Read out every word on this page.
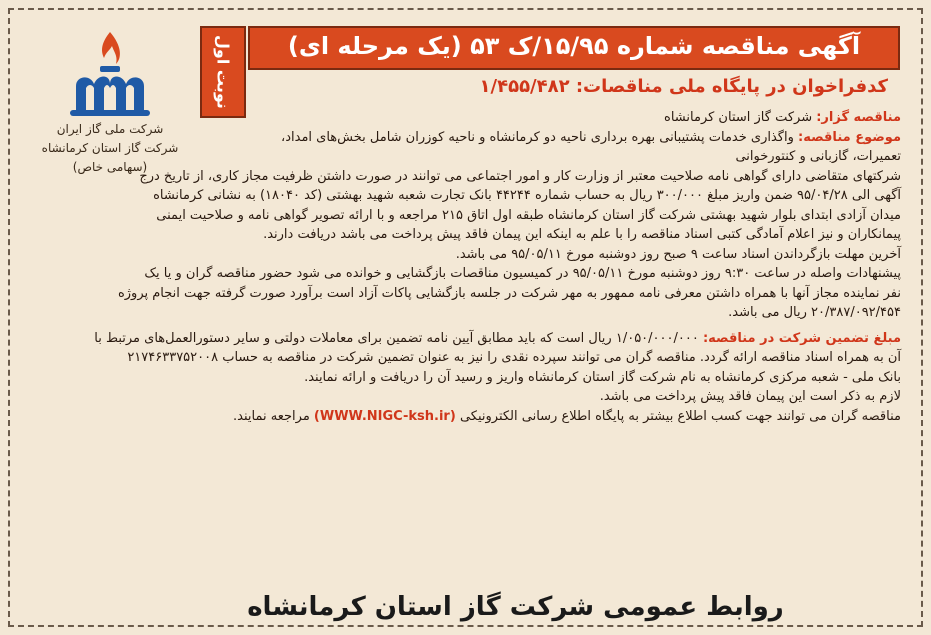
شرکت ملی گاز ایران
شرکت گاز استان کرمانشاه
(سهامی خاص)
آگهی مناقصه شماره ۱۵/۹۵/ک ۵۳ (یک مرحله ای)
نوبت اول	کدفراخوان در پایگاه ملی مناقصات: ۱/۴۵۵/۴۸۲

مناقصه گزار: شرکت گاز استان کرمانشاه

موضوع مناقصه: واگذاری خدمات پشتیبانی بهره برداری ناحیه دو کرمانشاه و ناحیه کوزران شامل بخش‌های امداد،

تعمیرات، گازبانی و کنتورخوانی

شرکتهای متقاضی دارای گواهی نامه صلاحیت معتبر از وزارت کار و امور اجتماعی می توانند در صورت داشتن ظرفیت مجاز کاری، از تاریخ درج

آگهی الی ۹۵/۰۴/۲۸ ضمن واریز مبلغ ۳۰۰/۰۰۰ ریال به حساب شماره ۴۴۲۴۴ بانک تجارت شعبه شهید بهشتی (کد ۱۸۰۴۰) به نشانی کرمانشاه

میدان آزادی ابتدای بلوار شهید بهشتی شرکت گاز استان کرمانشاه طبقه اول اتاق ۲۱۵ مراجعه و با ارائه تصویر گواهی نامه و صلاحیت ایمنی

پیمانکاران و نیز اعلام آمادگی کتبی اسناد مناقصه را با علم به اینکه این پیمان فاقد پیش پرداخت می باشد دریافت دارند.

آخرین مهلت بازگرداندن اسناد ساعت ۹ صبح روز دوشنبه مورخ ۹۵/۰۵/۱۱ می باشد.

پیشنهادات واصله در ساعت ۹:۳۰ روز دوشنبه مورخ ۹۵/۰۵/۱۱ در کمیسیون مناقصات بازگشایی و خوانده می شود حضور مناقصه گران و یا یک

نفر نماینده مجاز آنها با همراه داشتن معرفی نامه ممهور به مهر شرکت در جلسه بازگشایی پاکات آزاد است برآورد صورت گرفته جهت انجام پروژه

۲۰/۳۸۷/۰۹۲/۴۵۴ ریال می باشد.

مبلغ تضمین شرکت در مناقصه: ۱/۰۵۰/۰۰۰/۰۰۰ ریال است که باید مطابق آیین نامه تضمین برای معاملات دولتی و سایر دستورالعمل‌های مرتبط با

آن به همراه اسناد مناقصه ارائه گردد. مناقصه گران می توانند سپرده نقدی را نیز به عنوان تضمین شرکت در مناقصه به حساب ۲۱۷۴۶۳۳۷۵۲۰۰۸

بانک ملی - شعبه مرکزی کرمانشاه به نام شرکت گاز استان کرمانشاه واریز و رسید آن را دریافت و ارائه نمایند.

لازم به ذکر است این پیمان فاقد پیش پرداخت می باشد.

مناقصه گران می توانند جهت کسب اطلاع بیشتر به پایگاه اطلاع رسانی الکترونیکی (WWW.NIGC-ksh.ir) مراجعه نمایند.

روابط عمومی شرکت گاز استان کرمانشاه
